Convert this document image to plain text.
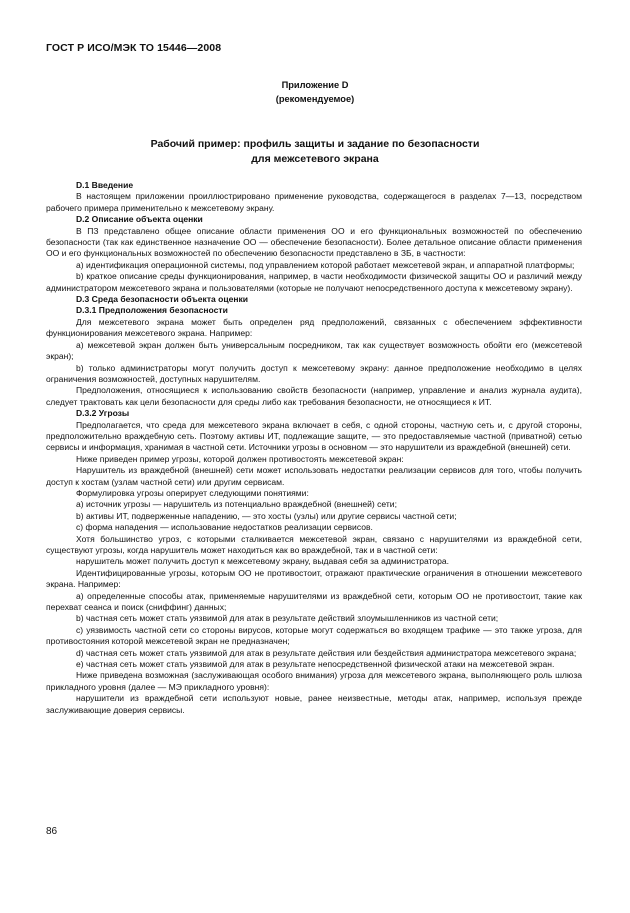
ГОСТ Р ИСО/МЭК ТО 15446—2008
Приложение D
(рекомендуемое)
Рабочий пример: профиль защиты и задание по безопасности
для межсетевого экрана

D.1 Введение

В настоящем приложении проиллюстрировано применение руководства, содержащегося в разделах 7—13, посредством рабочего примера применительно к межсетевому экрану.

D.2 Описание объекта оценки

В ПЗ представлено общее описание области применения ОО и его функциональных возможностей по обеспечению безопасности (так как единственное назначение ОО — обеспечение безопасности). Более детальное описание области применения ОО и его функциональных возможностей по обеспечению безопасности представлено в ЗБ, в частности:

a) идентификация операционной системы, под управлением которой работает межсетевой экран, и аппаратной платформы;

b) краткое описание среды функционирования, например, в части необходимости физической защиты ОО и различий между администратором межсетевого экрана и пользователями (которые не получают непосредственного доступа к межсетевому экрану).

D.3 Среда безопасности объекта оценки

D.3.1 Предположения безопасности

Для межсетевого экрана может быть определен ряд предположений, связанных с обеспечением эффективности функционирования межсетевого экрана. Например:

a) межсетевой экран должен быть универсальным посредником, так как существует возможность обойти его (межсетевой экран);

b) только администраторы могут получить доступ к межсетевому экрану: данное предположение необходимо в целях ограничения возможностей, доступных нарушителям.

Предположения, относящиеся к использованию свойств безопасности (например, управление и анализ журнала аудита), следует трактовать как цели безопасности для среды либо как требования безопасности, не относящиеся к ИТ.

D.3.2 Угрозы

Предполагается, что среда для межсетевого экрана включает в себя, с одной стороны, частную сеть и, с другой стороны, предположительно враждебную сеть. Поэтому активы ИТ, подлежащие защите, — это предоставляемые частной (приватной) сетью сервисы и информация, хранимая в частной сети. Источники угрозы в основном — это нарушители из враждебной (внешней) сети.

Ниже приведен пример угрозы, которой должен противостоять межсетевой экран:

Нарушитель из враждебной (внешней) сети может использовать недостатки реализации сервисов для того, чтобы получить доступ к хостам (узлам частной сети) или другим сервисам.

Формулировка угрозы оперирует следующими понятиями:

a) источник угрозы — нарушитель из потенциально враждебной (внешней) сети;

b) активы ИТ, подверженные нападению, — это хосты (узлы) или другие сервисы частной сети;

c) форма нападения — использование недостатков реализации сервисов.

Хотя большинство угроз, с которыми сталкивается межсетевой экран, связано с нарушителями из враждебной сети, существуют угрозы, когда нарушитель может находиться как во враждебной, так и в частной сети:

нарушитель может получить доступ к межсетевому экрану, выдавая себя за администратора.

Идентифицированные угрозы, которым ОО не противостоит, отражают практические ограничения в отношении межсетевого экрана. Например:

a) определенные способы атак, применяемые нарушителями из враждебной сети, которым ОО не противостоит, такие как перехват сеанса и поиск (сниффинг) данных;

b) частная сеть может стать уязвимой для атак в результате действий злоумышленников из частной сети;

c) уязвимость частной сети со стороны вирусов, которые могут содержаться во входящем трафике — это также угроза, для противостояния которой межсетевой экран не предназначен;

d) частная сеть может стать уязвимой для атак в результате действия или бездействия администратора межсетевого экрана;

e) частная сеть может стать уязвимой для атак в результате непосредственной физической атаки на межсетевой экран.

Ниже приведена возможная (заслуживающая особого внимания) угроза для межсетевого экрана, выполняющего роль шлюза прикладного уровня (далее — МЭ прикладного уровня):

нарушители из враждебной сети используют новые, ранее неизвестные, методы атак, например, используя прежде заслуживающие доверия сервисы.

86
